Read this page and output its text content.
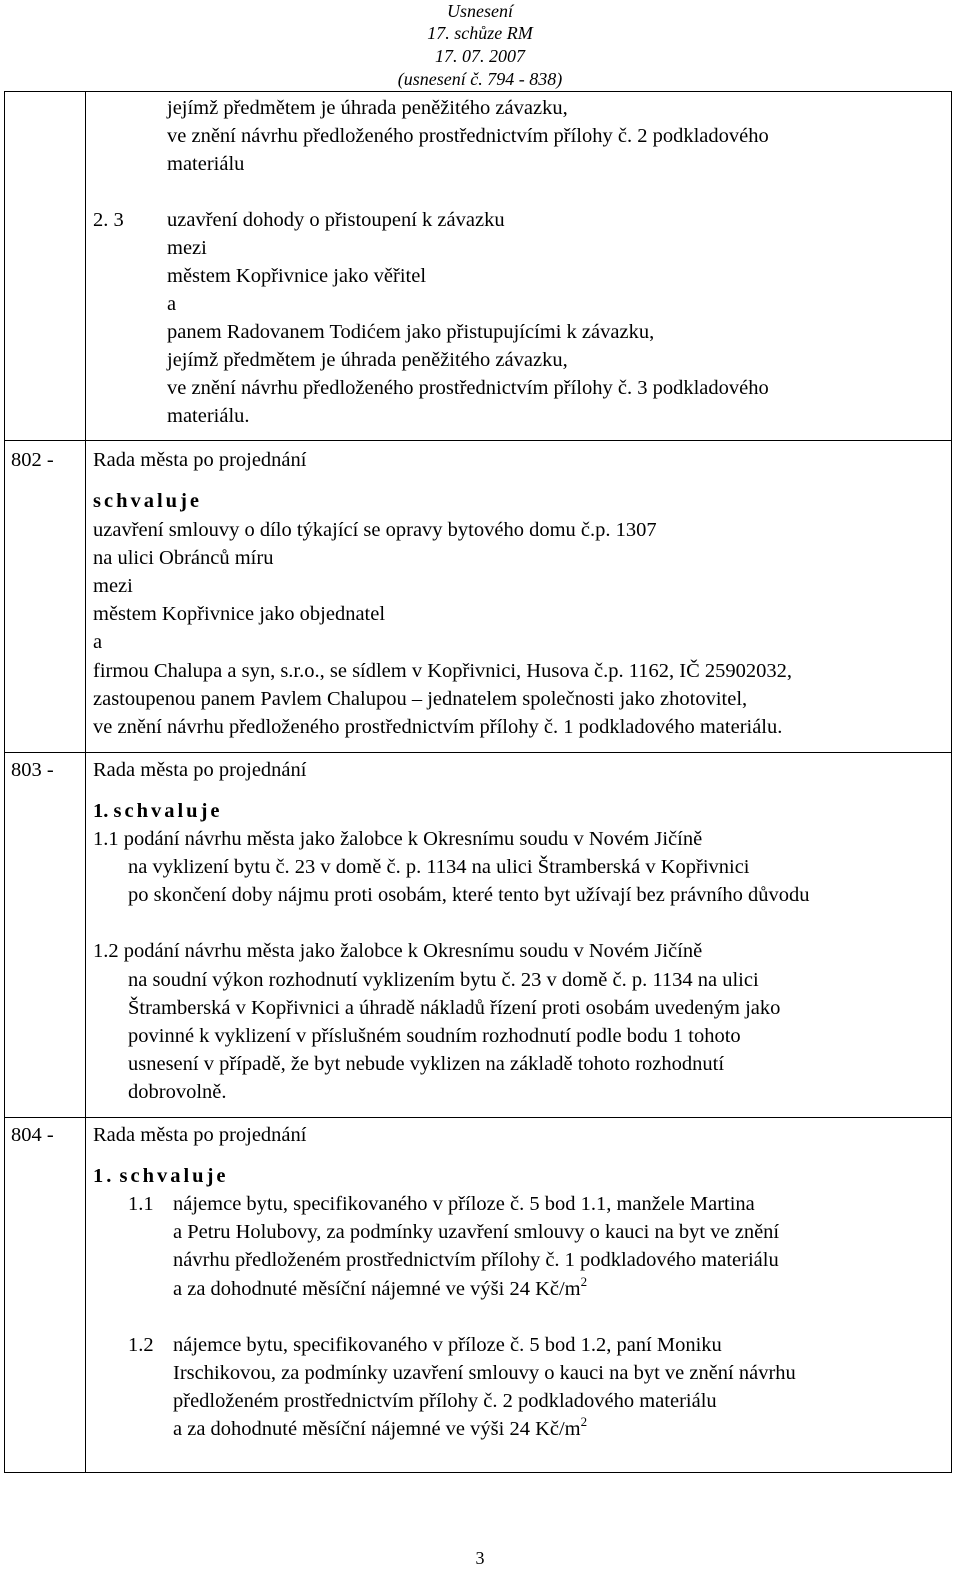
Usnesení
17. schůze RM
17. 07. 2007
(usnesení č. 794 - 838)
jejímž předmětem je úhrada peněžitého závazku,
ve znění návrhu předloženého prostřednictvím přílohy č. 2 podkladového
materiálu
2. 3 uzavření dohody o přistoupení k závazku
mezi
městem Kopřivnice jako věřitel
a
panem Radovanem Todićem jako přistupujícími k závazku,
jejímž předmětem je úhrada peněžitého závazku,
ve znění návrhu předloženého prostřednictvím přílohy č. 3 podkladového
materiálu.
802 - Rada města po projednání
schvaluje
uzavření smlouvy o dílo týkající se opravy bytového domu č.p. 1307
na ulici Obránců míru
mezi
městem Kopřivnice jako objednatel
a
firmou Chalupa a syn, s.r.o., se sídlem v Kopřivnici, Husova č.p. 1162, IČ 25902032,
zastoupenou panem Pavlem Chalupou – jednatelem společnosti jako zhotovitel,
ve znění návrhu předloženého prostřednictvím přílohy č. 1 podkladového materiálu.
803 - Rada města po projednání
1. schvaluje
1.1 podání návrhu města jako žalobce k Okresnímu soudu v Novém Jičíně
na vyklizení bytu č. 23 v domě č. p. 1134 na ulici Štramberská v Kopřivnici
po skončení doby nájmu proti osobám, které tento byt užívají bez právního důvodu
1.2 podání návrhu města jako žalobce k Okresnímu soudu v Novém Jičíně
na soudní výkon rozhodnutí vyklizením bytu č. 23 v domě č. p. 1134 na ulici
Štramberská v Kopřivnici a úhradě nákladů řízení proti osobám uvedeným jako
povinné k vyklizení v příslušném soudním rozhodnutí podle bodu 1 tohoto
usnesení v případě, že byt nebude vyklizen na základě tohoto rozhodnutí
dobrovolně.
804 - Rada města po projednání
1. schvaluje
1.1 nájemce bytu, specifikovaného v příloze č. 5 bod 1.1, manžele Martina
a Petru Holubovy, za podmínky uzavření smlouvy o kauci na byt ve znění
návrhu předloženém prostřednictvím přílohy č. 1 podkladového materiálu
a za dohodnuté měsíční nájemné ve výši 24 $Kč/m^2$
1.2 nájemce bytu, specifikovaného v příloze č. 5 bod 1.2, paní Moniku
Irschikovou, za podmínky uzavření smlouvy o kauci na byt ve znění návrhu
předloženém prostřednictvím přílohy č. 2 podkladového materiálu
a za dohodnuté měsíční nájemné ve výši 24 $Kč/m^2$
3
